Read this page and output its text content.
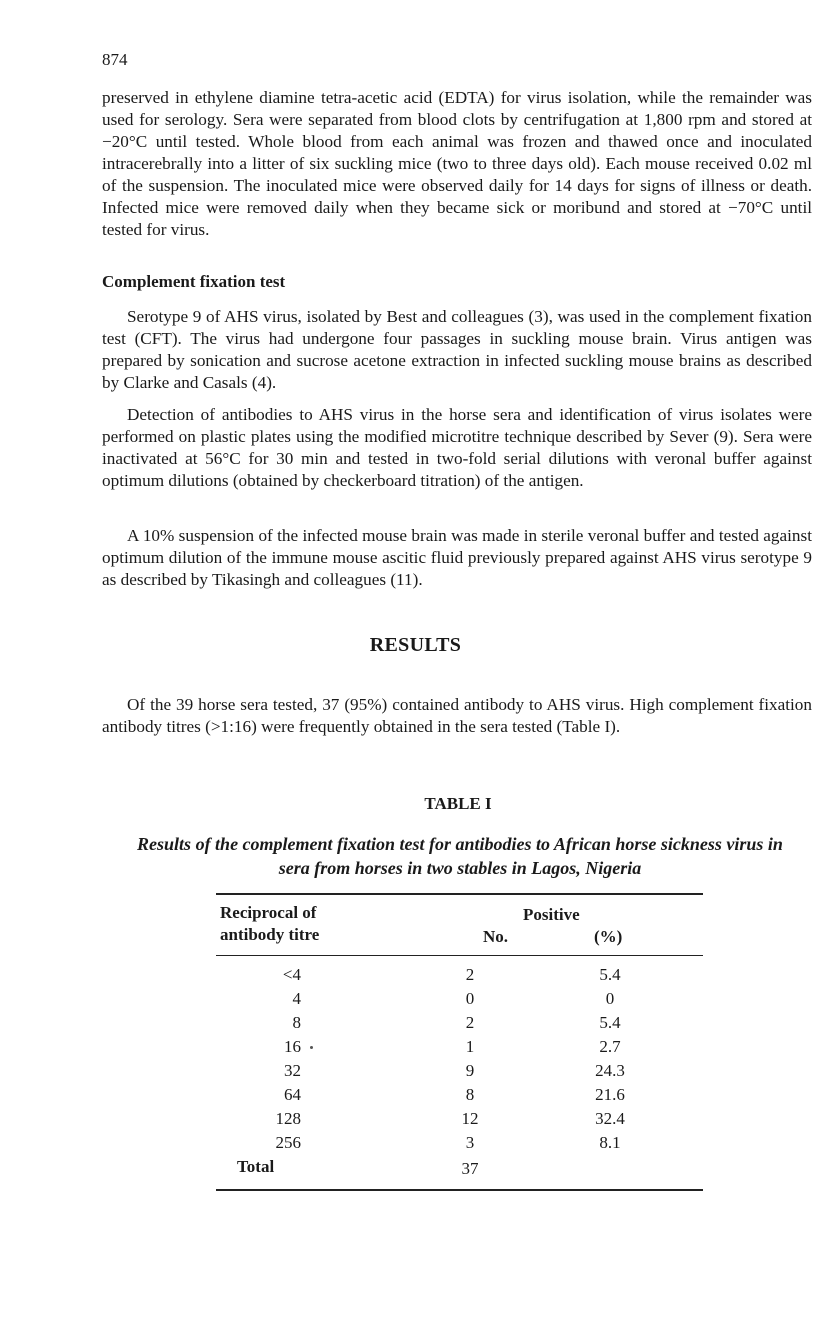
874

preserved in ethylene diamine tetra-acetic acid (EDTA) for virus isolation, while the remainder was used for serology. Sera were separated from blood clots by centrifugation at 1,800 rpm and stored at −20°C until tested. Whole blood from each animal was frozen and thawed once and inoculated intracerebrally into a litter of six suckling mice (two to three days old). Each mouse received 0.02 ml of the suspension. The inoculated mice were observed daily for 14 days for signs of illness or death. Infected mice were removed daily when they became sick or moribund and stored at −70°C until tested for virus.

Complement fixation test

Serotype 9 of AHS virus, isolated by Best and colleagues (3), was used in the complement fixation test (CFT). The virus had undergone four passages in suckling mouse brain. Virus antigen was prepared by sonication and sucrose acetone extraction in infected suckling mouse brains as described by Clarke and Casals (4).

Detection of antibodies to AHS virus in the horse sera and identification of virus isolates were performed on plastic plates using the modified microtitre technique described by Sever (9). Sera were inactivated at 56°C for 30 min and tested in two-fold serial dilutions with veronal buffer against optimum dilutions (obtained by checkerboard titration) of the antigen.

A 10% suspension of the infected mouse brain was made in sterile veronal buffer and tested against optimum dilution of the immune mouse ascitic fluid previously prepared against AHS virus serotype 9 as described by Tikasingh and colleagues (11).

RESULTS

Of the 39 horse sera tested, 37 (95%) contained antibody to AHS virus. High complement fixation antibody titres (>1:16) were frequently obtained in the sera tested (Table I).

TABLE I

Results of the complement fixation test for antibodies to African horse sickness virus in sera from horses in two stables in Lagos, Nigeria

Reciprocal of
antibody titre
Positive
No.	(%)
<4	2	5.4
4	0	0
8	2	5.4
16	1	2.7
32	9	24.3
64	8	21.6
128	12	32.4
256	3	8.1
Total	37
